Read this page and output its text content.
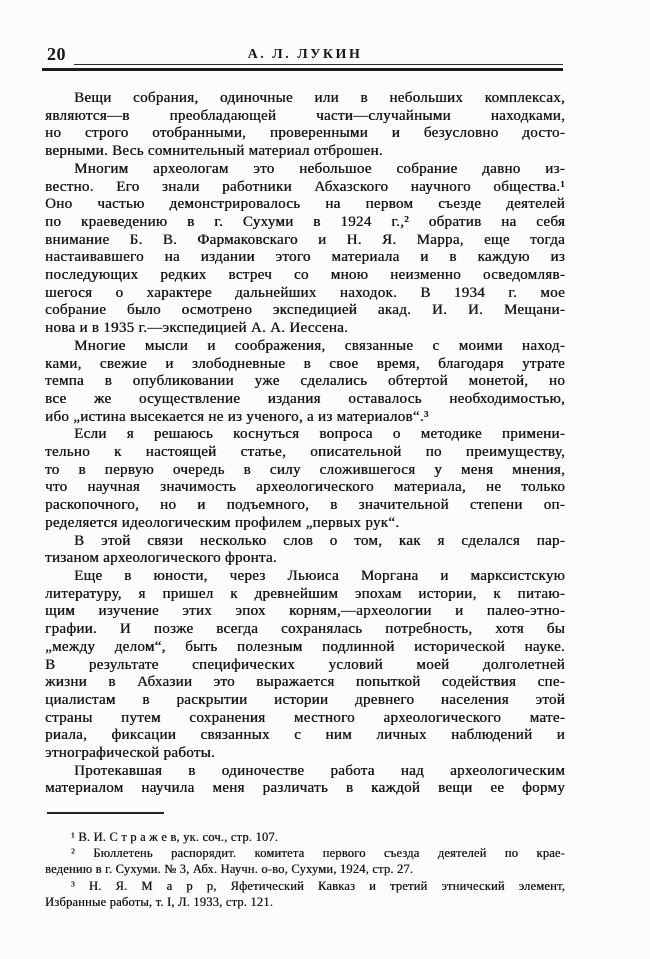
20	А. Л. ЛУКИН
Вещи собрания, одиночные или в небольших комплексах,
являются—в преобладающей части—случайными находками,
но строго отобранными, проверенными и безусловно досто-
верными. Весь сомнительный материал отброшен.
Многим археологам это небольшое собрание давно из-
вестно. Его знали работники Абхазского научного общества.¹
Оно частью демонстрировалось на первом съезде деятелей
по краеведению в г. Сухуми в 1924 г.,² обратив на себя
внимание Б. В. Фармаковскаго и Н. Я. Марра, еще тогда
настаивавшего на издании этого материала и в каждую из
последующих редких встреч со мною неизменно осведомляв-
шегося о характере дальнейших находок. В 1934 г. мое
собрание было осмотрено экспедицией акад. И. И. Мещани-
нова и в 1935 г.—экспедицией А. А. Иессена.
Многие мысли и соображения, связанные с моими наход-
ками, свежие и злободневные в свое время, благодаря утрате
темпа в опубликовании уже сделались обтертой монетой, но
все же осуществление издания оставалось необходимостью,
ибо „истина высекается не из ученого, а из материалов“.³
Если я решаюсь коснуться вопроса о методике примени-
тельно к настоящей статье, описательной по преимуществу,
то в первую очередь в силу сложившегося у меня мнения,
что научная значимость археологического материала, не только
раскопочного, но и подъемного, в значительной степени оп-
ределяется идеологическим профилем „первых рук“.
В этой связи несколько слов о том, как я сделался пар-
тизаном археологического фронта.
Еще в юности, через Льюиса Моргана и марксистскую
литературу, я пришел к древнейшим эпохам истории, к питаю-
щим изучение этих эпох корням,—археологии и палео-этно-
графии. И позже всегда сохранялась потребность, хотя бы
„между делом“, быть полезным подлинной исторической науке.
В результате специфических условий моей долголетней
жизни в Абхазии это выражается попыткой содействия спе-
циалистам в раскрытии истории древнего населения этой
страны путем сохранения местного археологического мате-
риала, фиксации связанных с ним личных наблюдений и
этнографической работы.
Протекавшая в одиночестве работа над археологическим
материалом научила меня различать в каждой вещи ее форму
¹ В. И. С т р а ж е в, ук. соч., стр. 107.
² Бюллетень распорядит. комитета первого съезда деятелей по крае-
ведению в г. Сухуми. № 3, Абх. Научн. о-во, Сухуми, 1924, стр. 27.
³ Н. Я. М а р р, Яфетический Кавказ и третий этнический элемент,
Избранные работы, т. I, Л. 1933, стр. 121.
